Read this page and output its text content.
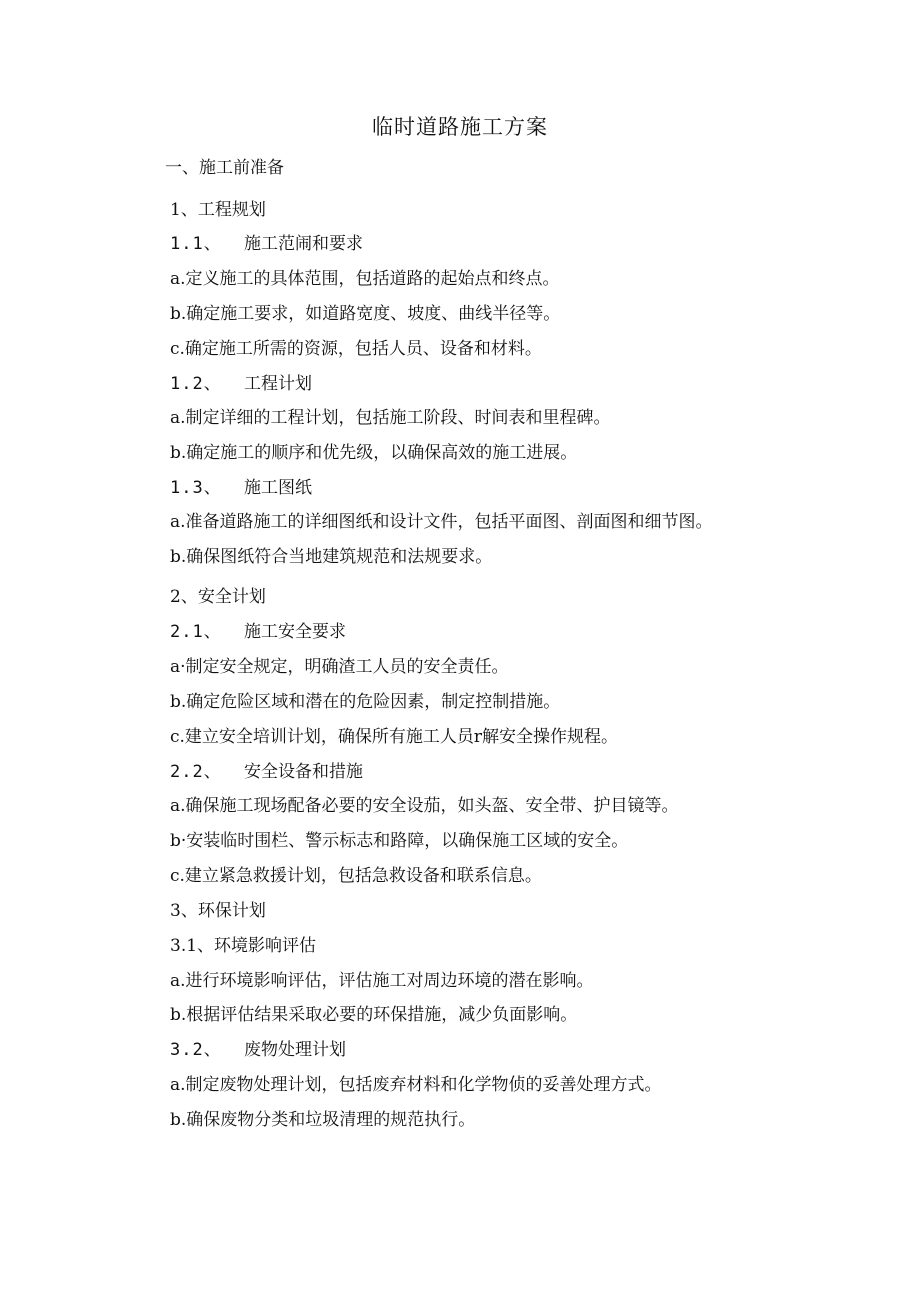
临时道路施工方案
一、施工前准备
1、工程规划
1.1、 施工范闹和要求
a.定义施工的具体范围，包括道路的起始点和终点。
b.确定施工要求，如道路宽度、坡度、曲线半径等。
c.确定施工所需的资源，包括人员、设备和材料。
1.2、 工程计划
a.制定详细的工程计划，包括施工阶段、时间表和里程碑。
b.确定施工的顺序和优先级，以确保高效的施工进展。
1.3、 施工图纸
a.准备道路施工的详细图纸和设计文件，包括平面图、剖面图和细节图。
b.确保图纸符合当地建筑规范和法规要求。
2、安全计划
2.1、 施工安全要求
a·制定安全规定，明确渣工人员的安全责任。
b.确定危险区域和潜在的危险因素，制定控制措施。
c.建立安全培训计划，确保所有施工人员r解安全操作规程。
2.2、 安全设备和措施
a.确保施工现场配备必要的安全设茄，如头盔、安全带、护目镜等。
b·安装临时围栏、警示标志和路障，以确保施工区域的安全。
c.建立紧急救援计划，包括急救设备和联系信息。
3、环保计划
3.1、环境影响评估
a.进行环境影响评估，评估施工对周边环境的潜在影响。
b.根据评估结果采取必要的环保措施，减少负面影响。
3.2、 废物处理计划
a.制定废物处理计划，包括废弃材料和化学物侦的妥善处理方式。
b.确保废物分类和垃圾清理的规范执行。
